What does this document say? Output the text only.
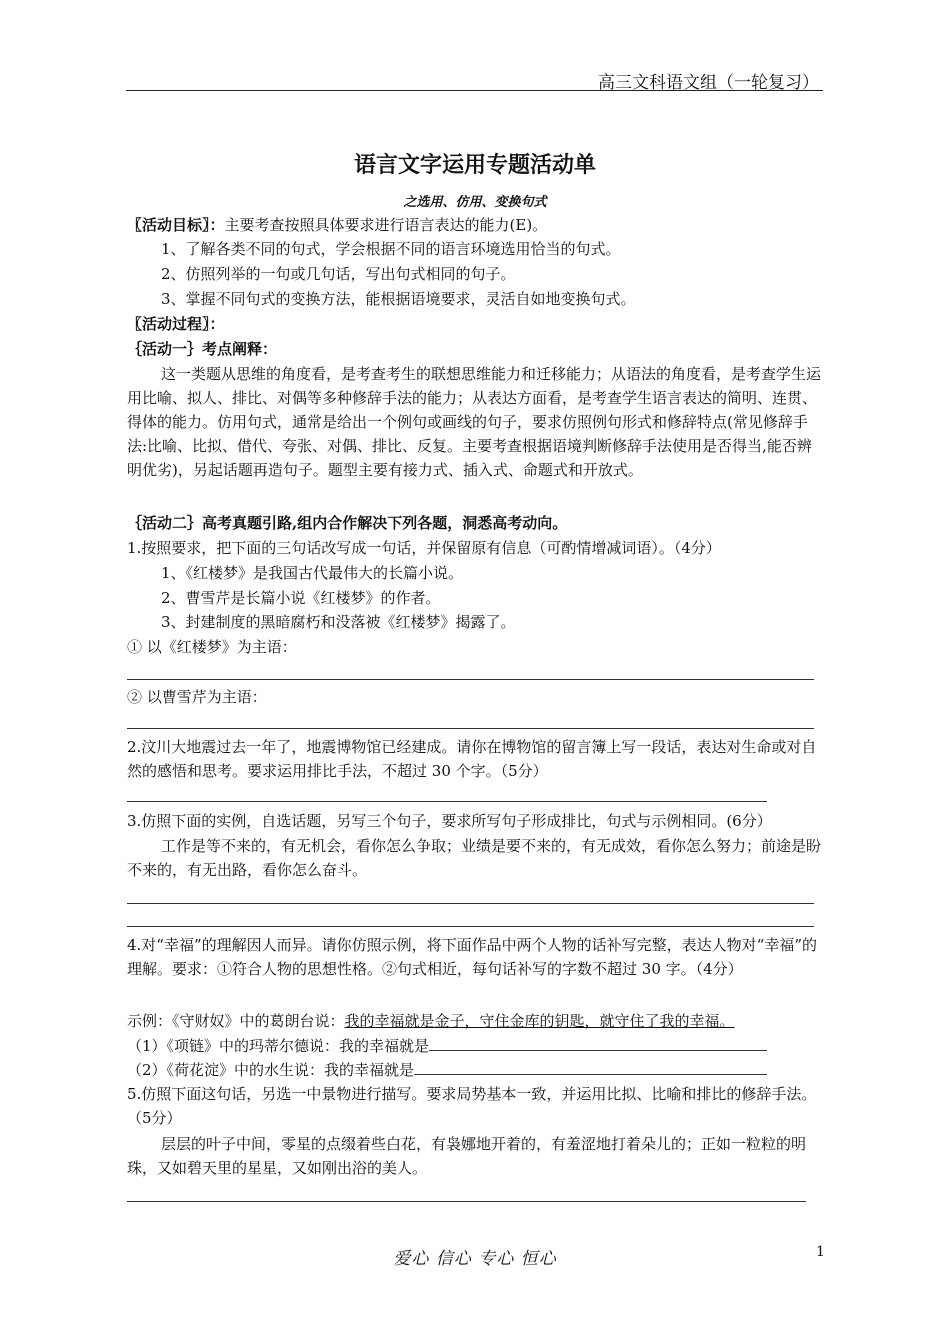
高三文科语文组（一轮复习）
语言文字运用专题活动单
之选用、仿用、变换句式
〖活动目标〗：主要考查按照具体要求进行语言表达的能力(E)。
1、了解各类不同的句式，学会根据不同的语言环境选用恰当的句式。
2、仿照列举的一句或几句话，写出句式相同的句子。
3、掌握不同句式的变换方法，能根据语境要求，灵活自如地变换句式。
〖活动过程〗：
｛活动一｝考点阐释：
这一类题从思维的角度看，是考查考生的联想思维能力和迁移能力；从语法的角度看，是考查学生运用比喻、拟人、排比、对偶等多种修辞手法的能力；从表达方面看，是考查学生语言表达的简明、连贯、得体的能力。仿用句式，通常是给出一个例句或画线的句子，要求仿照例句形式和修辞特点(常见修辞手法:比喻、比拟、借代、夸张、对偶、排比、反复。主要考查根据语境判断修辞手法使用是否得当,能否辨明优劣)，另起话题再造句子。题型主要有接力式、插入式、命题式和开放式。
｛活动二｝高考真题引路,组内合作解决下列各题，洞悉高考动向。
1.按照要求，把下面的三句话改写成一句话，并保留原有信息（可酌情增减词语）。（4分）
1、《红楼梦》是我国古代最伟大的长篇小说。
2、曹雪芹是长篇小说《红楼梦》的作者。
3、封建制度的黑暗腐朽和没落被《红楼梦》揭露了。
① 以《红楼梦》为主语：
② 以曹雪芹为主语：
2.汶川大地震过去一年了，地震博物馆已经建成。请你在博物馆的留言簿上写一段话，表达对生命或对自然的感悟和思考。要求运用排比手法，不超过 30 个字。（5分）
3.仿照下面的实例，自选话题，另写三个句子，要求所写句子形成排比，句式与示例相同。(6分）
工作是等不来的，有无机会，看你怎么争取；业绩是要不来的，有无成效，看你怎么努力；前途是盼不来的，有无出路，看你怎么奋斗。
4.对“幸福”的理解因人而异。请你仿照示例，将下面作品中两个人物的话补写完整，表达人物对“幸福”的理解。要求：①符合人物的思想性格。②句式相近，每句话补写的字数不超过 30 字。（4分）
示例：《守财奴》中的葛朗台说：我的幸福就是金子，守住金库的钥匙，就守住了我的幸福。
（1）《项链》中的玛蒂尔德说：我的幸福就是
（2）《荷花淀》中的水生说：我的幸福就是
5.仿照下面这句话，另选一中景物进行描写。要求局势基本一致，并运用比拟、比喻和排比的修辞手法。（5分）
层层的叶子中间，零星的点缀着些白花，有袅娜地开着的，有羞涩地打着朵儿的；正如一粒粒的明珠，又如碧天里的星星，又如刚出浴的美人。
爱心 信心 专心 恒心	1
